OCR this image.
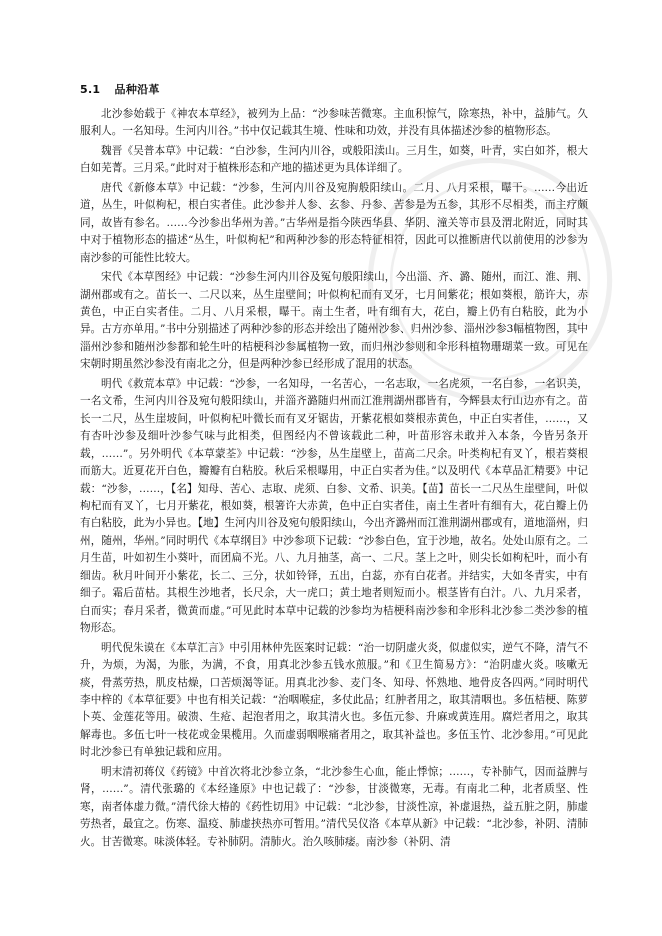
5.1 品种沿革

北沙参始载于《神农本草经》，被列为上品：“沙参味苦微寒。主血积惊气，除寒热，补中，益肺气。久服利人。一名知母。生河内川谷。”书中仅记载其生境、性味和功效，并没有具体描述沙参的植物形态。

魏晋《吴普本草》中记载：“白沙参，生河内川谷，或般阳渎山。三月生，如葵，叶青，实白如芥，根大白如芜菁。三月采。”此时对于植株形态和产地的描述更为具体详细了。

唐代《新修本草》中记载：“沙参，生河内川谷及宛朐般阳续山。二月、八月采根，曝干。……今出近道，丛生，叶似枸杞，根白实者佳。此沙参并人参、玄参、丹参、苦参是为五参，其形不尽相类，而主疗颇同，故皆有参名。……今沙参出华州为善。”古华州是指今陕西华县、华阴、潼关等市县及渭北附近，同时其中对于植物形态的描述“丛生，叶似枸杞”和两种沙参的形态特征相符，因此可以推断唐代以前使用的沙参为南沙参的可能性比较大。

宋代《本草图经》中记载：“沙参生河内川谷及冤句般阳续山，今出淄、齐、潞、随州，而江、淮、荆、湖州郡或有之。苗长一、二尺以来，丛生崖壁间；叶似枸杞而有叉牙，七月间紫花；根如葵根，筋许大，赤黄色，中正白实者佳。二月、八月采根，曝干。南土生者，叶有细有大，花白，瓣上仍有白粘胶，此为小异。古方亦单用。”书中分别描述了两种沙参的形态并绘出了随州沙参、归州沙参、淄州沙参3幅植物图，其中淄州沙参和随州沙参都和轮生叶的桔梗科沙参属植物一致，而归州沙参则和伞形科植物珊瑚菜一致。可见在宋朝时期虽然沙参没有南北之分，但是两种沙参已经形成了混用的状态。

明代《救荒本草》中记载：“沙参，一名知母，一名苦心，一名志取，一名虎须，一名白参，一名识美，一名文希，生河内川谷及宛句般阳续山，并淄齐潞随归州而江淮荆湖州郡皆有，今辉县太行山边亦有之。苗长一二尺，丛生崖坡间，叶似枸杞叶微长而有叉牙锯齿，开紫花根如葵根赤黄色，中正白实者佳，……，又有杏叶沙参及细叶沙参气味与此相类，但图经内不曾该载此二种，叶苗形容未敢并入本条，今皆另条开载，……”。另外明代《本草蒙荃》中记载：“沙参，丛生崖壁上，苗高二尺余。叶类枸杞有叉丫，根若葵根而筋大。近夏花开白色，瓣瓣有白粘胶。秋后采根曝用，中正白实者为佳。”以及明代《本草品汇精要》中记载：“沙参，……，【名】知母、苦心、志取、虎须、白参、文希、识美。【苗】苗长一二尺丛生崖壁间，叶似枸杞而有叉丫，七月开紫花，根如葵，根箸许大赤黄，色中正白实者佳，南土生者叶有细有大，花白瓣上仍有白粘胶，此为小异也。【地】生河内川谷及宛句般阳续山，今出齐潞州而江淮荆湖州郡或有，道地淄州，归州，随州，华州。”同时明代《本草纲目》中沙参项下记载：“沙参白色，宜于沙地，故名。处处山原有之。二月生苗，叶如初生小葵叶，而团扁不光。八、九月抽茎，高一、二尺。茎上之叶，则尖长如枸杞叶，而小有细齿。秋月叶间开小紫花，长二、三分，状如铃铎，五出，白蕊，亦有白花者。并结实，大如冬青实，中有细子。霜后苗枯。其根生沙地者，长尺余，大一虎口；黄土地者则短而小。根茎皆有白汁。八、九月采者，白而实；春月采者，微黄而虚。”可见此时本草中记载的沙参均为桔梗科南沙参和伞形科北沙参二类沙参的植物形态。

明代倪朱谟在《本草汇言》中引用林仲先医案时记载：“治一切阴虚火炎，似虚似实，逆气不降，清气不升，为烦，为渴，为胀，为满，不食，用真北沙参五钱水煎服。”和《卫生简易方》：“治阴虚火炎。咳嗽无痰，骨蒸劳热，肌皮枯燥，口苦烦渴等证。用真北沙参、麦门冬、知母、怀熟地、地骨皮各四两。”同时明代李中梓的《本草征要》中也有相关记载：“治咽喉症，多仗此品；红肿者用之，取其清咽也。多伍桔梗、陈萝卜英、金莲花等用。破溃、生疮、起泡者用之，取其清火也。多伍元参、升麻或黄连用。腐烂者用之，取其解毒也。多伍七叶一枝花或金果榄用。久而虚弱咽喉痛者用之，取其补益也。多伍玉竹、北沙参用。”可见此时北沙参已有单独记载和应用。

明末清初蒋仪《药镜》中首次将北沙参立条，“北沙参生心血，能止悸惊；……，专补肺气，因而益脾与肾，……”。清代张璐的《本经逢原》中也记载了：“沙参，甘淡微寒，无毒。有南北二种，北者质坚、性寒，南者体虚力微。”清代徐大椿的《药性切用》中记载：“北沙参，甘淡性凉，补虚退热，益五脏之阴，肺虚劳热者，最宜之。伤寒、温疫、肺虚挟热亦可暂用。”清代吴仪洛《本草从新》中记载：“北沙参，补阴、清肺火。甘苦微寒。味淡体轻。专补肺阴。清肺火。治久咳肺痿。南沙参（补阴、清
